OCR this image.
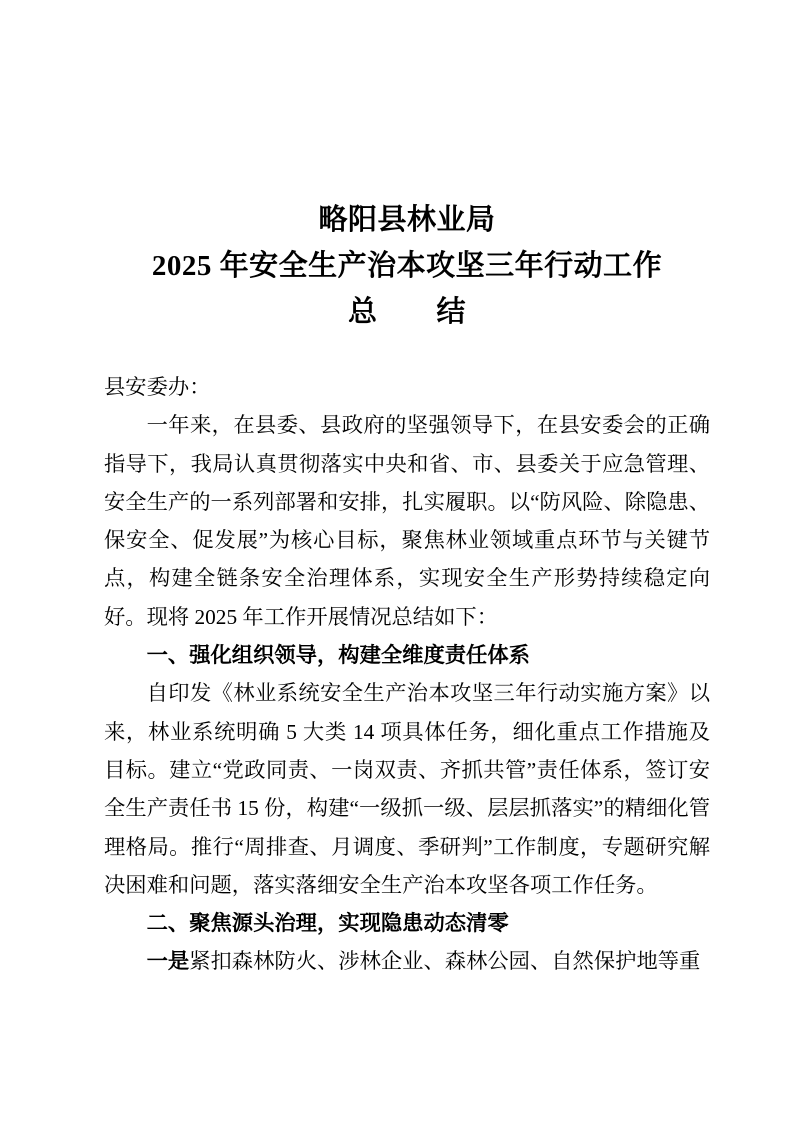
略阳县林业局
2025 年安全生产治本攻坚三年行动工作
总　　结

县安委办：

一年来，在县委、县政府的坚强领导下，在县安委会的正确指导下，我局认真贯彻落实中央和省、市、县委关于应急管理、安全生产的一系列部署和安排，扎实履职。以“防风险、除隐患、保安全、促发展”为核心目标，聚焦林业领域重点环节与关键节点，构建全链条安全治理体系，实现安全生产形势持续稳定向好。现将 2025 年工作开展情况总结如下：

一、强化组织领导，构建全维度责任体系

自印发《林业系统安全生产治本攻坚三年行动实施方案》以来，林业系统明确 5 大类 14 项具体任务，细化重点工作措施及目标。建立“党政同责、一岗双责、齐抓共管”责任体系，签订安全生产责任书 15 份，构建“一级抓一级、层层抓落实”的精细化管理格局。推行“周排查、月调度、季研判”工作制度，专题研究解决困难和问题，落实落细安全生产治本攻坚各项工作任务。

二、聚焦源头治理，实现隐患动态清零

一是紧扣森林防火、涉林企业、森林公园、自然保护地等重
